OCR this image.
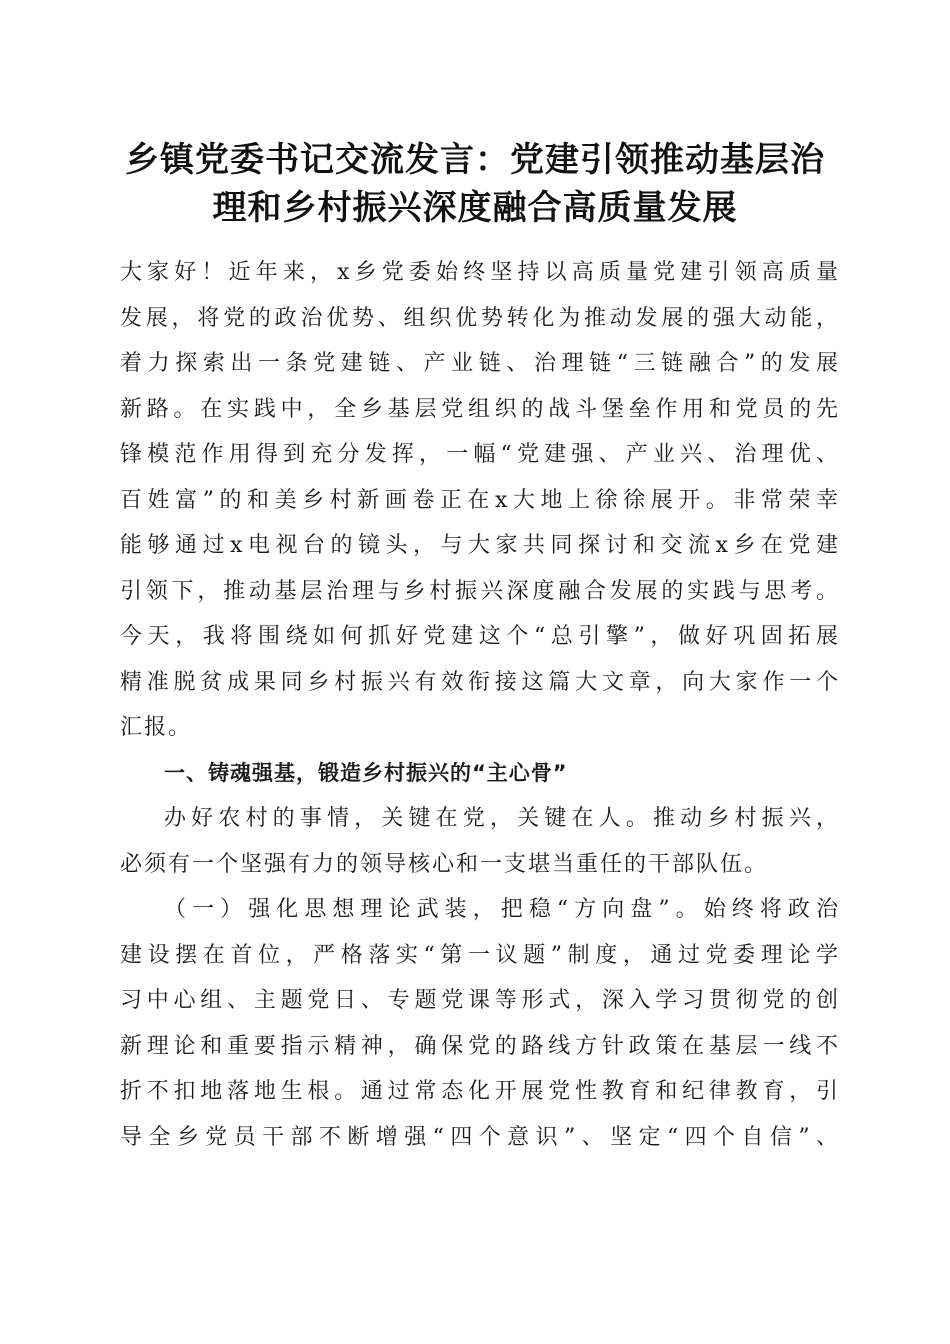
乡镇党委书记交流发言：党建引领推动基层治
理和乡村振兴深度融合高质量发展
大家好！近年来，x乡党委始终坚持以高质量党建引领高质量
发展，将党的政治优势、组织优势转化为推动发展的强大动能，
着力探索出一条党建链、产业链、治理链“三链融合”的发展
新路。在实践中，全乡基层党组织的战斗堡垒作用和党员的先
锋模范作用得到充分发挥，一幅“党建强、产业兴、治理优、
百姓富”的和美乡村新画卷正在x大地上徐徐展开。非常荣幸
能够通过x电视台的镜头，与大家共同探讨和交流x乡在党建
引领下，推动基层治理与乡村振兴深度融合发展的实践与思考。
今天，我将围绕如何抓好党建这个“总引擎”，做好巩固拓展
精准脱贫成果同乡村振兴有效衔接这篇大文章，向大家作一个
汇报。
一、铸魂强基，锻造乡村振兴的“主心骨”
办好农村的事情，关键在党，关键在人。推动乡村振兴，
必须有一个坚强有力的领导核心和一支堪当重任的干部队伍。
（一）强化思想理论武装，把稳“方向盘”。始终将政治
建设摆在首位，严格落实“第一议题”制度，通过党委理论学
习中心组、主题党日、专题党课等形式，深入学习贯彻党的创
新理论和重要指示精神，确保党的路线方针政策在基层一线不
折不扣地落地生根。通过常态化开展党性教育和纪律教育，引
导全乡党员干部不断增强“四个意识”、坚定“四个自信”、
